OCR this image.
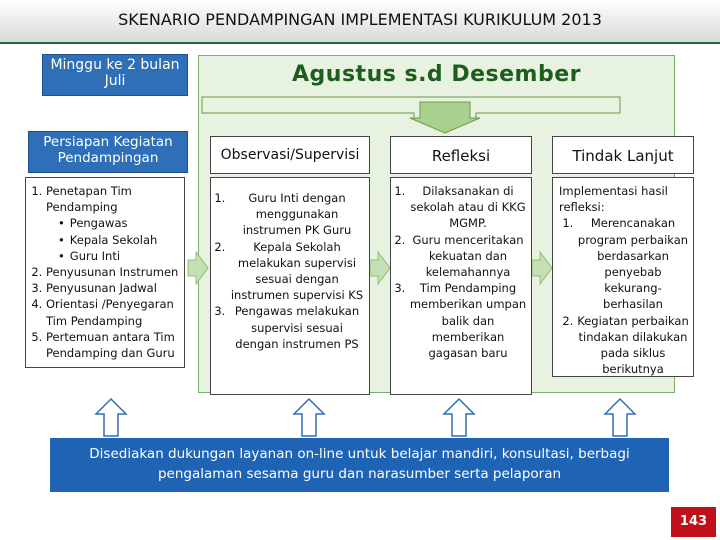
SKENARIO PENDAMPINGAN IMPLEMENTASI KURIKULUM 2013
Minggu ke 2 bulan Juli	Agustus s.d Desember
Persiapan Kegiatan Pendampingan
1. Penetapan Tim Pendamping
• Pengawas
• Kepala Sekolah
• Guru Inti
2. Penyusunan Instrumen
3. Penyusunan Jadwal
4. Orientasi /Penyegaran Tim Pendamping
5. Pertemuan antara Tim Pendamping dan Guru
Observasi/Supervisi
1. Guru Inti dengan menggunakan instrumen PK Guru
2. Kepala Sekolah melakukan supervisi sesuai dengan instrumen supervisi KS
3. Pengawas melakukan supervisi sesuai dengan instrumen PS
Refleksi
1. Dilaksanakan di sekolah atau di KKG MGMP.
2. Guru menceritakan kekuatan dan kelemahannya
3. Tim Pendamping memberikan umpan balik dan memberikan gagasan baru
Tindak Lanjut
Implementasi hasil refleksi:
1. Merencanakan program perbaikan berdasarkan penyebab kekurang-berhasilan
2. Kegiatan perbaikan tindakan dilakukan pada siklus berikutnya
Disediakan dukungan layanan on-line untuk belajar mandiri, konsultasi, berbagi pengalaman sesama guru dan narasumber serta pelaporan
143
